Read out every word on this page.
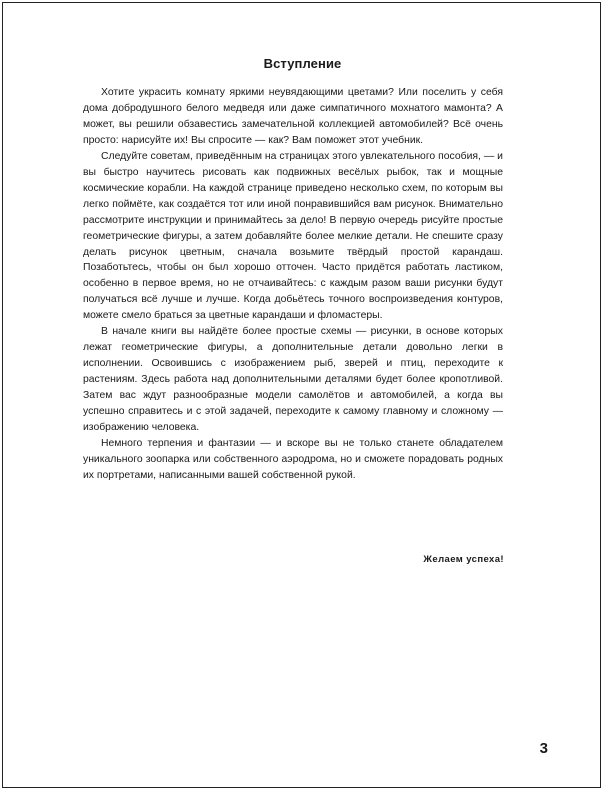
Вступление

Хотите украсить комнату яркими неувядающими цветами? Или поселить у себя дома добродушного белого медведя или даже симпатичного мохнатого мамонта? А может, вы решили обзавестись замечательной коллекцией автомобилей? Всё очень просто: нарисуйте их! Вы спросите — как? Вам поможет этот учебник.

Следуйте советам, приведённым на страницах этого увлекательного пособия, — и вы быстро научитесь рисовать как подвижных весёлых рыбок, так и мощные космические корабли. На каждой странице приведено несколько схем, по которым вы легко поймёте, как создаётся тот или иной понравившийся вам рисунок. Внимательно рассмотрите инструкции и принимайтесь за дело! В первую очередь рисуйте простые геометрические фигуры, а затем добавляйте более мелкие детали. Не спешите сразу делать рисунок цветным, сначала возьмите твёрдый простой карандаш. Позаботьтесь, чтобы он был хорошо отточен. Часто придётся работать ластиком, особенно в первое время, но не отчаивайтесь: с каждым разом ваши рисунки будут получаться всё лучше и лучше. Когда добьётесь точного воспроизведения контуров, можете смело браться за цветные карандаши и фломастеры.

В начале книги вы найдёте более простые схемы — рисунки, в основе которых лежат геометрические фигуры, а дополнительные детали довольно легки в исполнении. Освоившись с изображением рыб, зверей и птиц, переходите к растениям. Здесь работа над дополнительными деталями будет более кропотливой. Затем вас ждут разнообразные модели самолётов и автомобилей, а когда вы успешно справитесь и с этой задачей, переходите к самому главному и сложному — изображению человека.

Немного терпения и фантазии — и вскоре вы не только станете обладателем уникального зоопарка или собственного аэродрома, но и сможете порадовать родных их портретами, написанными вашей собственной рукой.

Желаем успеха!
3
